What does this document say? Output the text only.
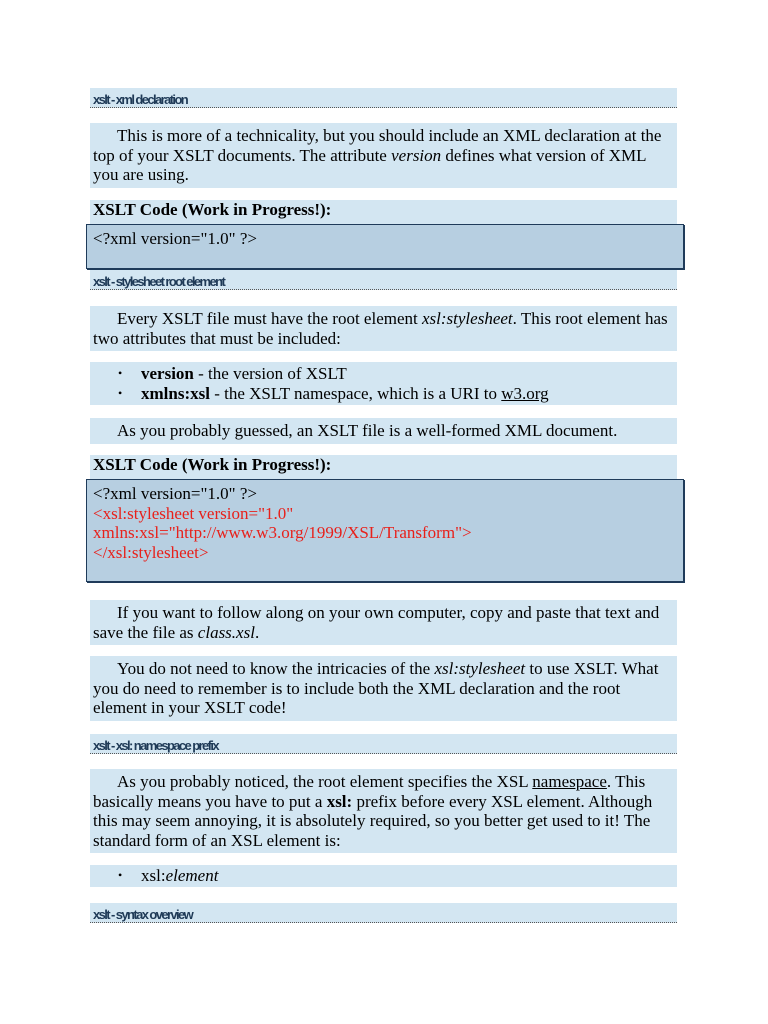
xslt - xml declaration
This is more of a technicality, but you should include an XML declaration at the top of your XSLT documents. The attribute version defines what version of XML you are using.
XSLT Code (Work in Progress!):
<?xml version="1.0" ?>
xslt - stylesheet root element
Every XSLT file must have the root element xsl:stylesheet. This root element has two attributes that must be included:
• version - the version of XSLT
• xmlns:xsl - the XSLT namespace, which is a URI to w3.org
As you probably guessed, an XSLT file is a well-formed XML document.
XSLT Code (Work in Progress!):
<?xml version="1.0" ?>
<xsl:stylesheet version="1.0"
xmlns:xsl="http://www.w3.org/1999/XSL/Transform">
</xsl:stylesheet>
If you want to follow along on your own computer, copy and paste that text and save the file as class.xsl.
You do not need to know the intricacies of the xsl:stylesheet to use XSLT. What you do need to remember is to include both the XML declaration and the root element in your XSLT code!
xslt - xsl: namespace prefix
As you probably noticed, the root element specifies the XSL namespace. This basically means you have to put a xsl: prefix before every XSL element. Although this may seem annoying, it is absolutely required, so you better get used to it! The standard form of an XSL element is:
• xsl:element
xslt - syntax overview
